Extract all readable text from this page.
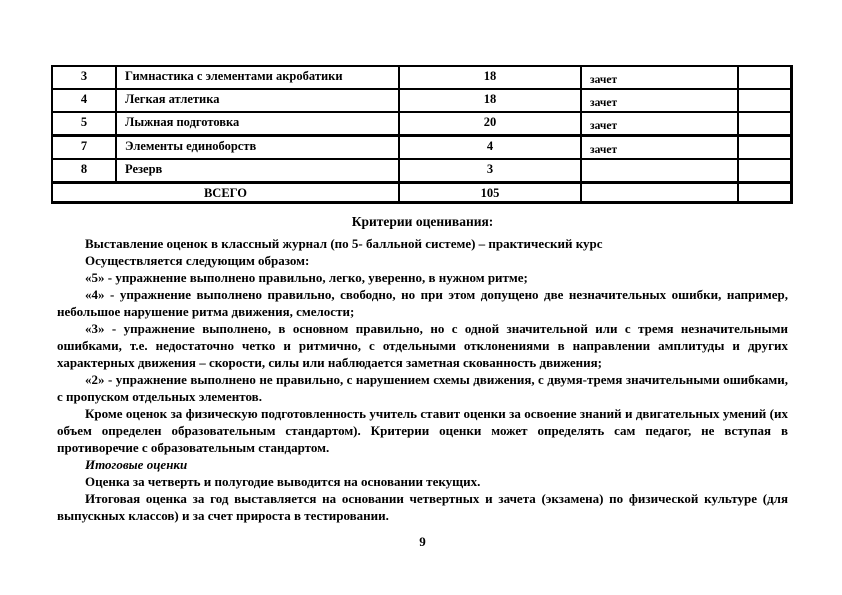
3	Гимнастика с элементами акробатики	18	зачет	
4	Легкая атлетика	18	зачет	
5	Лыжная подготовка	20	зачет	
7	Элементы единоборств	4	зачет	
8	Резерв	3		
ВСЕГО		105		
Критерии оценивания:

Выставление оценок в классный журнал (по 5- балльной системе) – практический курс

Осуществляется следующим образом:

«5» - упражнение выполнено правильно, легко, уверенно, в нужном ритме;

«4» - упражнение выполнено правильно, свободно, но при этом допущено две незначительных ошибки, например, небольшое нарушение ритма движения, смелости;

«3» - упражнение выполнено, в основном правильно, но с одной значительной или с тремя незначительными ошибками, т.е. недостаточно четко и ритмично, с отдельными отклонениями в направлении амплитуды и других характерных движения – скорости, силы или наблюдается заметная скованность движения;

«2» - упражнение выполнено не правильно, с нарушением схемы движения, с двумя-тремя значительными ошибками, с пропуском отдельных элементов.

Кроме оценок за физическую подготовленность учитель ставит оценки за освоение знаний и двигательных умений (их объем определен образовательным стандартом). Критерии оценки может определять сам педагог, не вступая в противоречие с образовательным стандартом.

Итоговые оценки

Оценка за четверть и полугодие выводится на основании текущих.

Итоговая оценка за год выставляется на основании четвертных и зачета (экзамена) по физической культуре (для выпускных классов) и за счет прироста в тестировании.

9
